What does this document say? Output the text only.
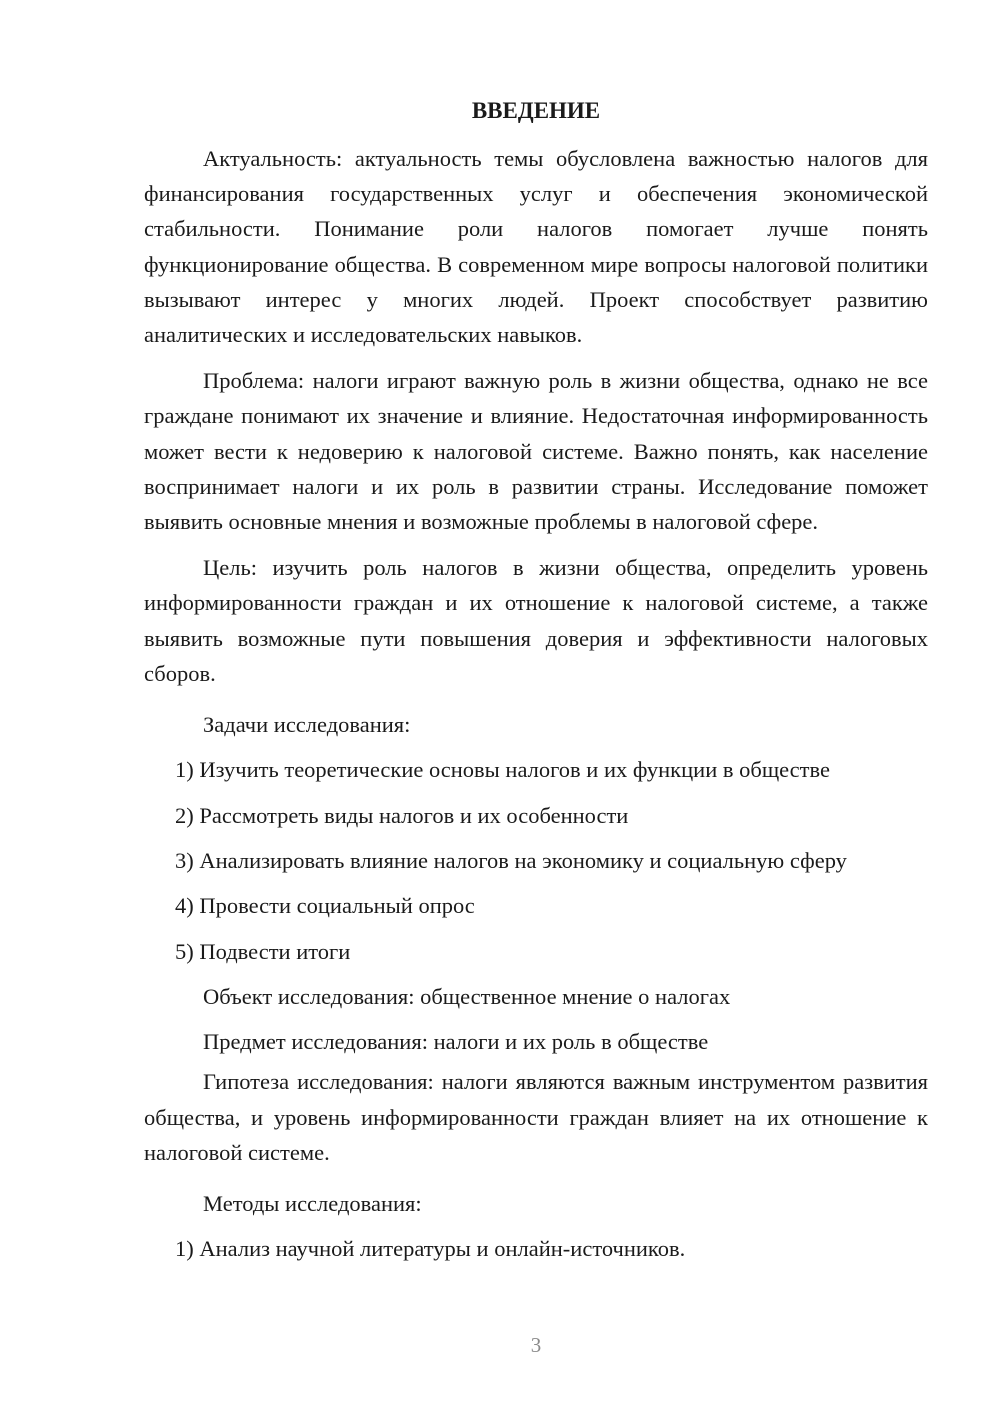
ВВЕДЕНИЕ

Актуальность: актуальность темы обусловлена важностью налогов для финансирования государственных услуг и обеспечения экономической стабильности. Понимание роли налогов помогает лучше понять функционирование общества. В современном мире вопросы налоговой политики вызывают интерес у многих людей. Проект способствует развитию аналитических и исследовательских навыков.

Проблема: налоги играют важную роль в жизни общества, однако не все граждане понимают их значение и влияние. Недостаточная информированность может вести к недоверию к налоговой системе. Важно понять, как население воспринимает налоги и их роль в развитии страны. Исследование поможет выявить основные мнения и возможные проблемы в налоговой сфере.

Цель: изучить роль налогов в жизни общества, определить уровень информированности граждан и их отношение к налоговой системе, а также выявить возможные пути повышения доверия и эффективности налоговых сборов.

Задачи исследования:
1) Изучить теоретические основы налогов и их функции в обществе
2) Рассмотреть виды налогов и их особенности
3) Анализировать влияние налогов на экономику и социальную сферу
4) Провести социальный опрос
5) Подвести итоги
Объект исследования: общественное мнение о налогах
Предмет исследования: налоги и их роль в обществе

Гипотеза исследования: налоги являются важным инструментом развития общества, и уровень информированности граждан влияет на их отношение к налоговой системе.

Методы исследования:
1) Анализ научной литературы и онлайн-источников.
3
